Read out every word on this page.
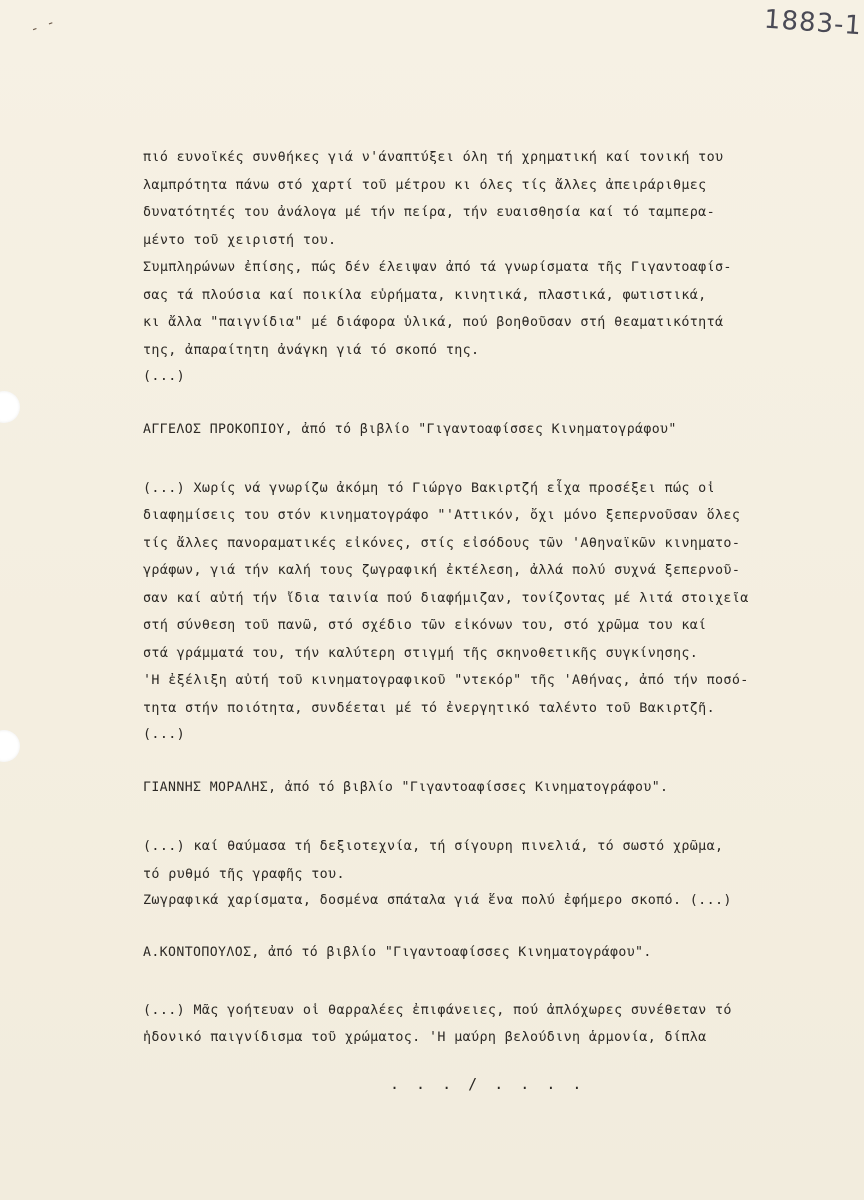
- -	1883-1
πιό ευνοϊκές συνθήκες γιά ν'άναπτύξει όλη τή χρηματική καί τονική του
λαμπρότητα πάνω στό χαρτί τοῦ μέτρου κι όλες τίς ἄλλες ἀπειράριθμες
δυνατότητές του ἀνάλογα μέ τήν πείρα, τήν ευαισθησία καί τό ταμπερα-
μέντο τοῦ χειριστή του.
Συμπληρώνων ἐπίσης, πώς δέν έλειψαν ἀπό τά γνωρίσματα τῆς Γιγαντοαφίσ-
σας τά πλούσια καί ποικίλα εὑρήματα, κινητικά, πλαστικά, φωτιστικά,
κι ἄλλα "παιγνίδια" μέ διάφορα ὑλικά, πού βοηθοῦσαν στή θεαματικότητά
της, ἀπαραίτητη ἀνάγκη γιά τό σκοπό της.
(...)
ΑΓΓΕΛΟΣ ΠΡΟΚΟΠΙΟΥ, ἀπό τό βιβλίο "Γιγαντοαφίσσες Κινηματογράφου"
(...) Χωρίς νά γνωρίζω ἀκόμη τό Γιώργο Βακιρτζή εἶχα προσέξει πώς οἱ
διαφημίσεις του στόν κινηματογράφο "'Αττικόν, ὄχι μόνο ξεπερνοῦσαν ὅλες
τίς ἄλλες πανοραματικές εἰκόνες, στίς εἰσόδους τῶν 'Αθηναϊκῶν κινηματο-
γράφων, γιά τήν καλή τους ζωγραφική ἐκτέλεση, ἀλλά πολύ συχνά ξεπερνοῦ-
σαν καί αὐτή τήν ἴδια ταινία πού διαφήμιζαν, τονίζοντας μέ λιτά στοιχεῖα
στή σύνθεση τοῦ πανῶ, στό σχέδιο τῶν εἰκόνων του, στό χρῶμα του καί
στά γράμματά του, τήν καλύτερη στιγμή τῆς σκηνοθετικῆς συγκίνησης.
'Η ἐξέλιξη αὐτή τοῦ κινηματογραφικοῦ "ντεκόρ" τῆς 'Αθήνας, ἀπό τήν ποσό-
τητα στήν ποιότητα, συνδέεται μέ τό ἐνεργητικό ταλέντο τοῦ Βακιρτζῆ.
(...)
ΓΙΑΝΝΗΣ ΜΟΡΑΛΗΣ, ἀπό τό βιβλίο "Γιγαντοαφίσσες Κινηματογράφου".
(...) καί θαύμασα τή δεξιοτεχνία, τή σίγουρη πινελιά, τό σωστό χρῶμα,
τό ρυθμό τῆς γραφῆς του.
Ζωγραφικά χαρίσματα, δοσμένα σπάταλα γιά ἕνα πολύ ἐφήμερο σκοπό. (...)
Α.ΚΟΝΤΟΠΟΥΛΟΣ, ἀπό τό βιβλίο "Γιγαντοαφίσσες Κινηματογράφου".
(...) Μᾶς γοήτευαν οἱ θαρραλέες ἐπιφάνειες, πού ἀπλόχωρες συνέθεταν τό
ἡδονικό παιγνίδισμα τοῦ χρώματος. 'Η μαύρη βελούδινη ἁρμονία, δίπλα
. . . / . . . .
